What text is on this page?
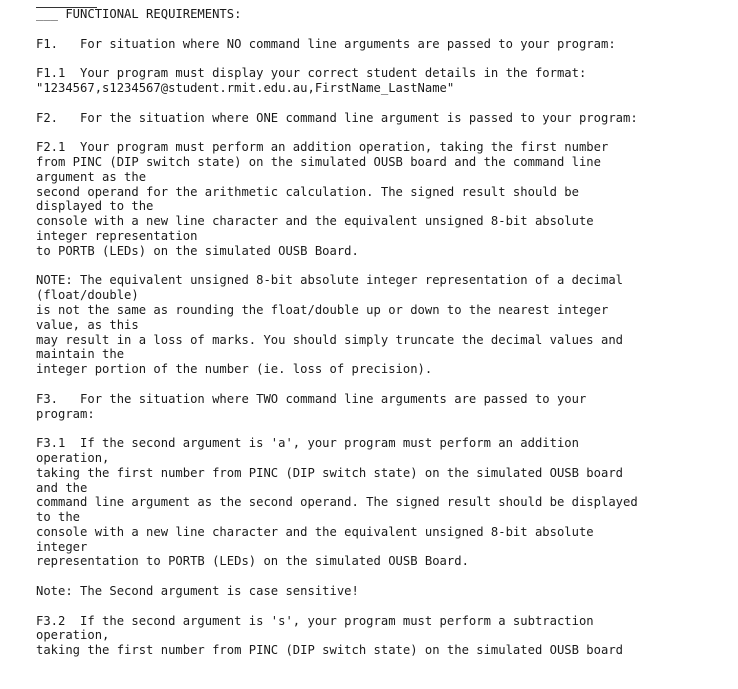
___ FUNCTIONAL REQUIREMENTS:
F1.   For situation where NO command line arguments are passed to your program:
F1.1  Your program must display your correct student details in the format:
"1234567,s1234567@student.rmit.edu.au,FirstName_LastName"
F2.   For the situation where ONE command line argument is passed to your program:
F2.1  Your program must perform an addition operation, taking the first number
from PINC (DIP switch state) on the simulated OUSB board and the command line
argument as the
second operand for the arithmetic calculation. The signed result should be
displayed to the
console with a new line character and the equivalent unsigned 8-bit absolute
integer representation
to PORTB (LEDs) on the simulated OUSB Board.
NOTE: The equivalent unsigned 8-bit absolute integer representation of a decimal
(float/double)
is not the same as rounding the float/double up or down to the nearest integer
value, as this
may result in a loss of marks. You should simply truncate the decimal values and
maintain the
integer portion of the number (ie. loss of precision).
F3.   For the situation where TWO command line arguments are passed to your
program:
F3.1  If the second argument is 'a', your program must perform an addition
operation,
taking the first number from PINC (DIP switch state) on the simulated OUSB board
and the
command line argument as the second operand. The signed result should be displayed
to the
console with a new line character and the equivalent unsigned 8-bit absolute
integer
representation to PORTB (LEDs) on the simulated OUSB Board.
Note: The Second argument is case sensitive!
F3.2  If the second argument is 's', your program must perform a subtraction
operation,
taking the first number from PINC (DIP switch state) on the simulated OUSB board
